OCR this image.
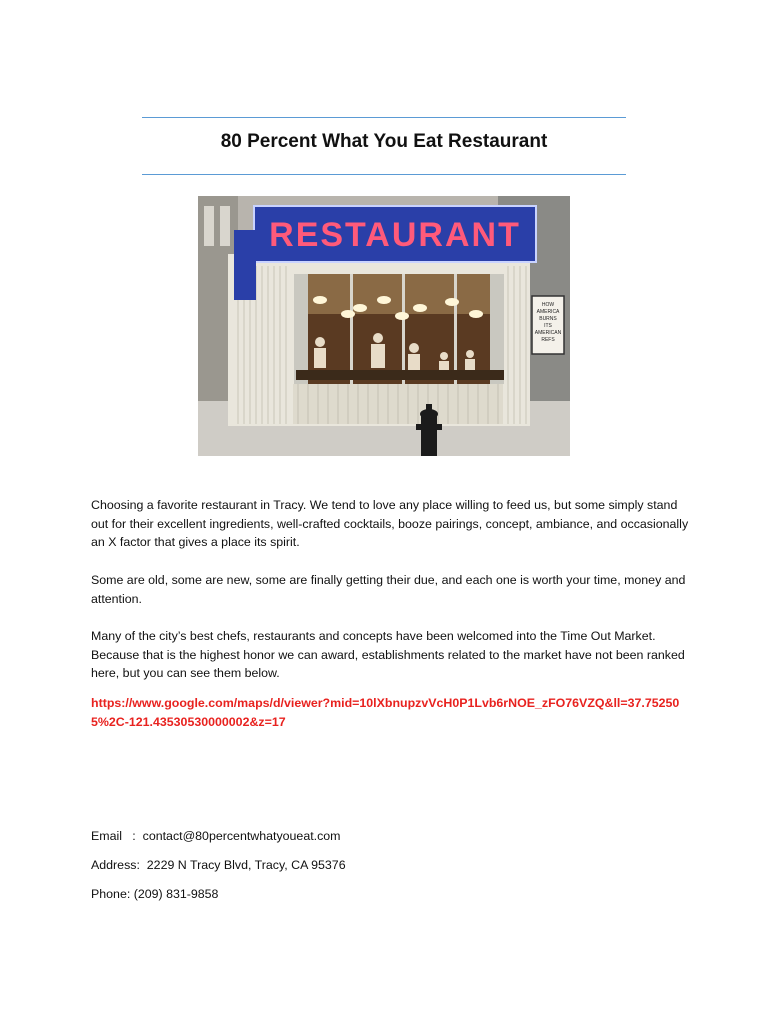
80 Percent What You Eat Restaurant
RESTAURANT
HOW
AMERICA
BURNS
ITS
AMERICAN
REFS

Choosing a favorite restaurant in Tracy. We tend to love any place willing to feed us, but some simply stand out for their excellent ingredients, well-crafted cocktails, booze pairings, concept, ambiance, and occasionally an X factor that gives a place its spirit.

Some are old, some are new, some are finally getting their due, and each one is worth your time, money and attention.

Many of the city’s best chefs, restaurants and concepts have been welcomed into the Time Out Market. Because that is the highest honor we can award, establishments related to the market have not been ranked here, but you can see them below.

https://www.google.com/maps/d/viewer?mid=10lXbnupzvVcH0P1Lvb6rNOE_zFO76VZQ&ll=37.752505%2C-121.43530530000002&z=17
Email   :  contact@80percentwhatyoueat.com
Address:  2229 N Tracy Blvd, Tracy, CA 95376
Phone: (209) 831-9858
